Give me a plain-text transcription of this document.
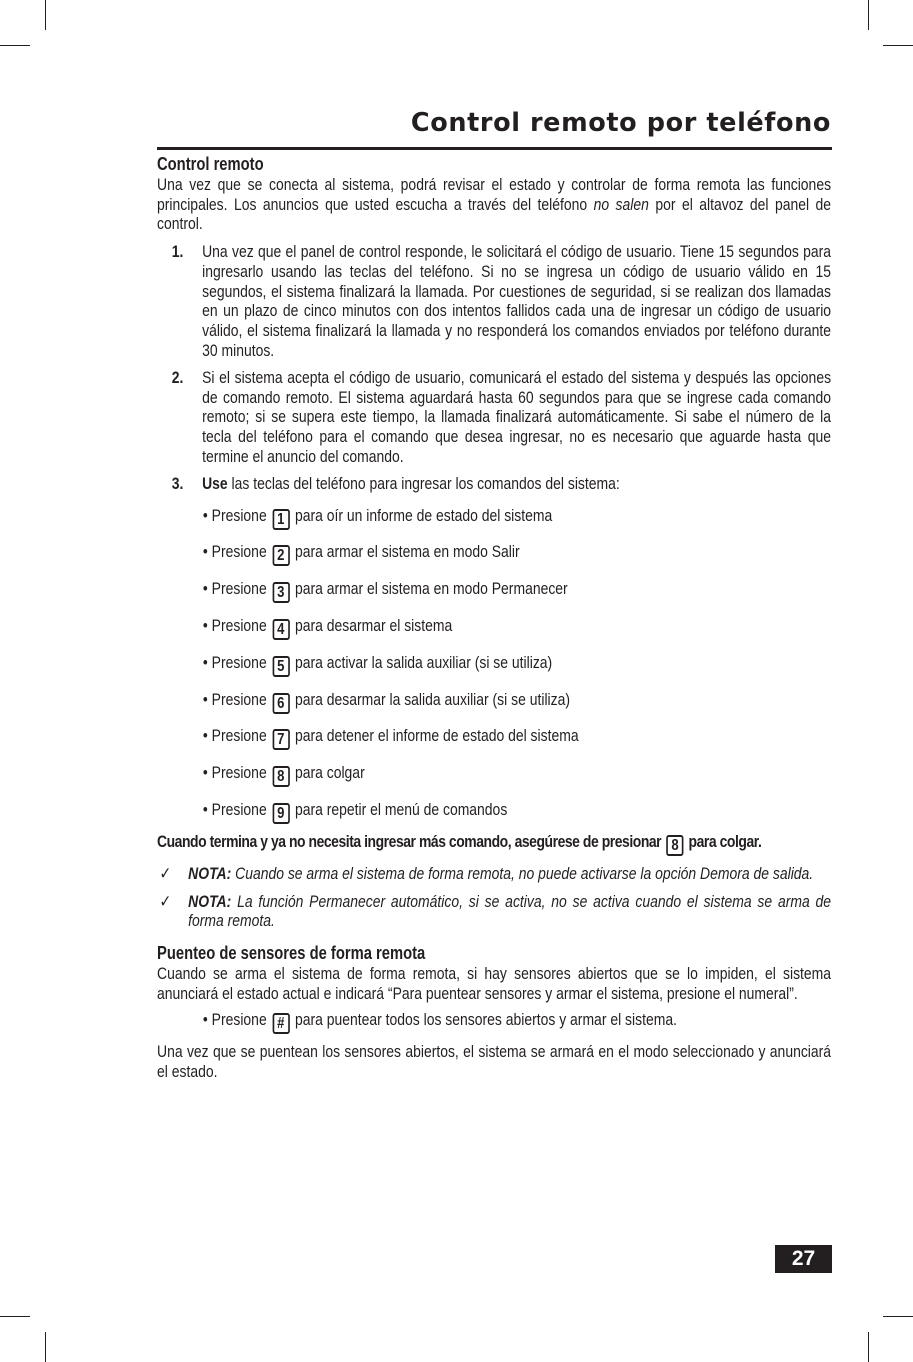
Control remoto por teléfono
Control remoto

Una vez que se conecta al sistema, podrá revisar el estado y controlar de forma remota las funciones principales. Los anuncios que usted escucha a través del teléfono no salen por el altavoz del panel de control.

1. Una vez que el panel de control responde, le solicitará el código de usuario. Tiene 15 segundos para ingresarlo usando las teclas del teléfono. Si no se ingresa un código de usuario válido en 15 segundos, el sistema finalizará la llamada. Por cuestiones de seguridad, si se realizan dos llamadas en un plazo de cinco minutos con dos intentos fallidos cada una de ingresar un código de usuario válido, el sistema finalizará la llamada y no responderá los comandos enviados por teléfono durante 30 minutos.
2. Si el sistema acepta el código de usuario, comunicará el estado del sistema y después las opciones de comando remoto. El sistema aguardará hasta 60 segundos para que se ingrese cada comando remoto; si se supera este tiempo, la llamada finalizará automáticamente. Si sabe el número de la tecla del teléfono para el comando que desea ingresar, no es necesario que aguarde hasta que termine el anuncio del comando.
3. Use las teclas del teléfono para ingresar los comandos del sistema:
• Presione 1 para oír un informe de estado del sistema
• Presione 2 para armar el sistema en modo Salir
• Presione 3 para armar el sistema en modo Permanecer
• Presione 4 para desarmar el sistema
• Presione 5 para activar la salida auxiliar (si se utiliza)
• Presione 6 para desarmar la salida auxiliar (si se utiliza)
• Presione 7 para detener el informe de estado del sistema
• Presione 8 para colgar
• Presione 9 para repetir el menú de comandos
Cuando termina y ya no necesita ingresar más comando, asegúrese de presionar 8 para colgar.
✓ NOTA: Cuando se arma el sistema de forma remota, no puede activarse la opción Demora de salida.
✓ NOTA: La función Permanecer automático, si se activa, no se activa cuando el sistema se arma de forma remota.
Puenteo de sensores de forma remota

Cuando se arma el sistema de forma remota, si hay sensores abiertos que se lo impiden, el sistema anunciará el estado actual e indicará “Para puentear sensores y armar el sistema, presione el numeral”.

• Presione # para puentear todos los sensores abiertos y armar el sistema.

Una vez que se puentean los sensores abiertos, el sistema se armará en el modo seleccionado y anunciará el estado.

27
